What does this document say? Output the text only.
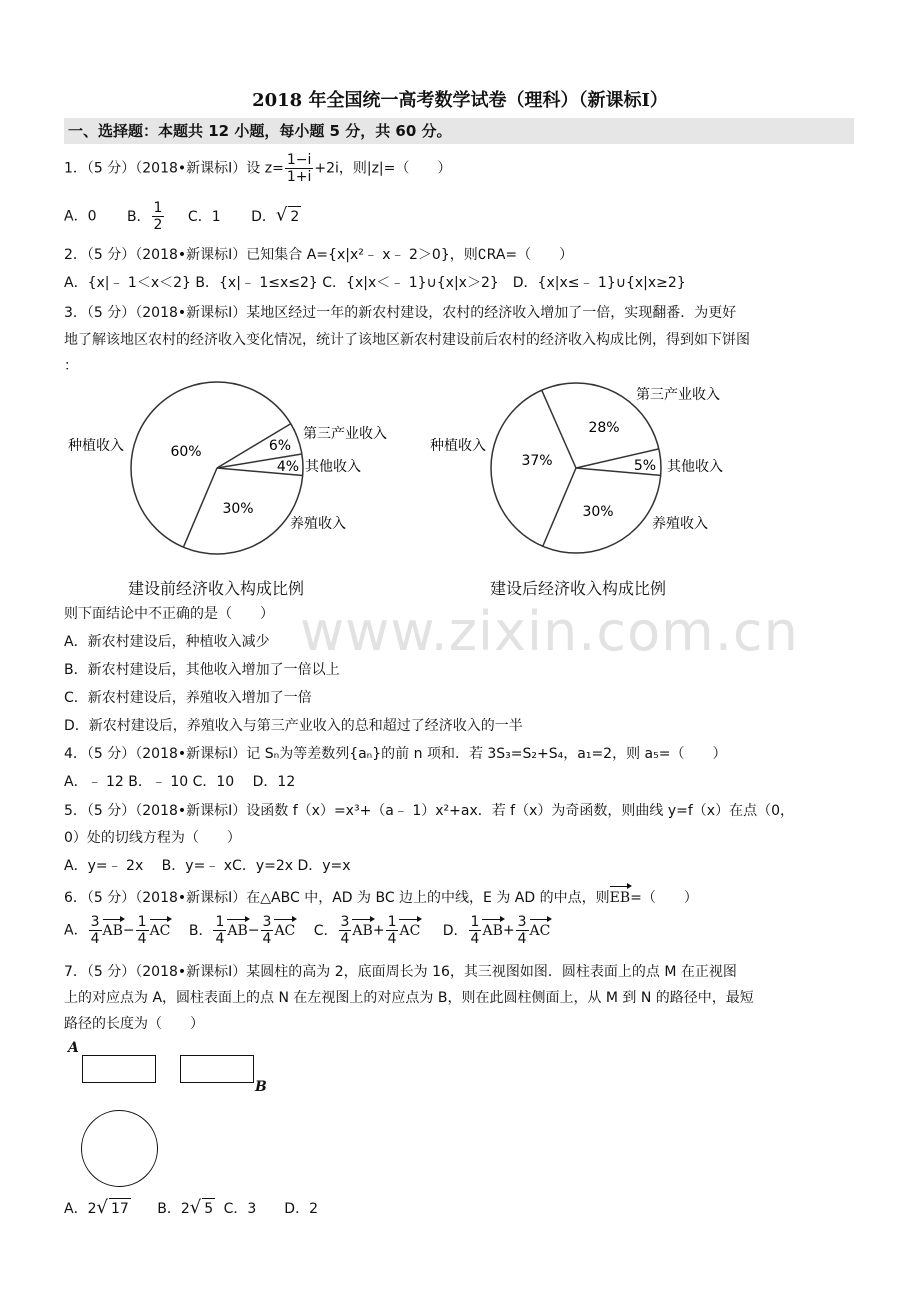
2018 年全国统一高考数学试卷（理科）（新课标Ⅰ）
一、选择题：本题共 12 小题，每小题 5 分，共 60 分。
1．（5 分）（2018•新课标Ⅰ）设 $z= \frac{1-i}{1+i} +2i$，则|z|=（　　）
A．0 B． $\frac{1}{2}$ C．1 D．√ 2
2．（5 分）（2018•新课标Ⅰ）已知集合 A={x|x²﹣ x﹣ 2＞0}，则∁RA=（　　）
A．{x|﹣ 1＜x＜2} B．{x|﹣ 1≤x≤2} C．{x|x＜﹣ 1}∪{x|x＞2}　D．{x|x≤﹣ 1}∪{x|x≥2}
3．（5 分）（2018•新课标Ⅰ）某地区经过一年的新农村建设，农村的经济收入增加了一倍，实现翻番．为更好
地了解该地区农村的经济收入变化情况，统计了该地区新农村建设前后农村的经济收入构成比例，得到如下饼图
：
60%	6%
4%
30%
种植收入
第三产业收入
其他收入
养殖收入
37%
28%
5%
30%
种植收入
第三产业收入
其他收入
养殖收入
建设前经济收入构成比例	建设后经济收入构成比例
则下面结论中不正确的是（　　）
A．新农村建设后，种植收入减少
B．新农村建设后，其他收入增加了一倍以上
C．新农村建设后，养殖收入增加了一倍
D．新农村建设后，养殖收入与第三产业收入的总和超过了经济收入的一半
4．（5 分）（2018•新课标Ⅰ）记 Sₙ为等差数列{aₙ}的前 n 项和．若 3S₃=S₂+S₄，a₁=2，则 a₅=（　　）
A．﹣ 12 B．﹣ 10 C．10　 D．12
5．（5 分）（2018•新课标Ⅰ）设函数 f（x）=x³+（a﹣ 1）x²+ax．若 f（x）为奇函数，则曲线 y=f（x）在点（0，
0）处的切线方程为（　　）
A．y=﹣ 2x　 B．y=﹣ xC．y=2x D．y=x
6．（5 分）（2018•新课标Ⅰ）在△ABC 中，AD 为 BC 边上的中线，E 为 AD 的中点，则EB=（　　）
A． $\frac{3}{4} AB- \frac{1}{4}$ AC B． $\frac{1}{4} AB- \frac{3}{4}$ AC C． $\frac{3}{4} AB+ \frac{1}{4}$ AC D． $\frac{1}{4} AB+ \frac{3}{4}$ AC
7．（5 分）（2018•新课标Ⅰ）某圆柱的高为 2，底面周长为 16，其三视图如图．圆柱表面上的点 M 在正视图
上的对应点为 A，圆柱表面上的点 N 在左视图上的对应点为 B，则在此圆柱侧面上，从 M 到 N 的路径中，最短
路径的长度为（　　）
A
B
A．2√ 17 B．2√ 5 C．3　　D．2
www.zixin.com.cn
